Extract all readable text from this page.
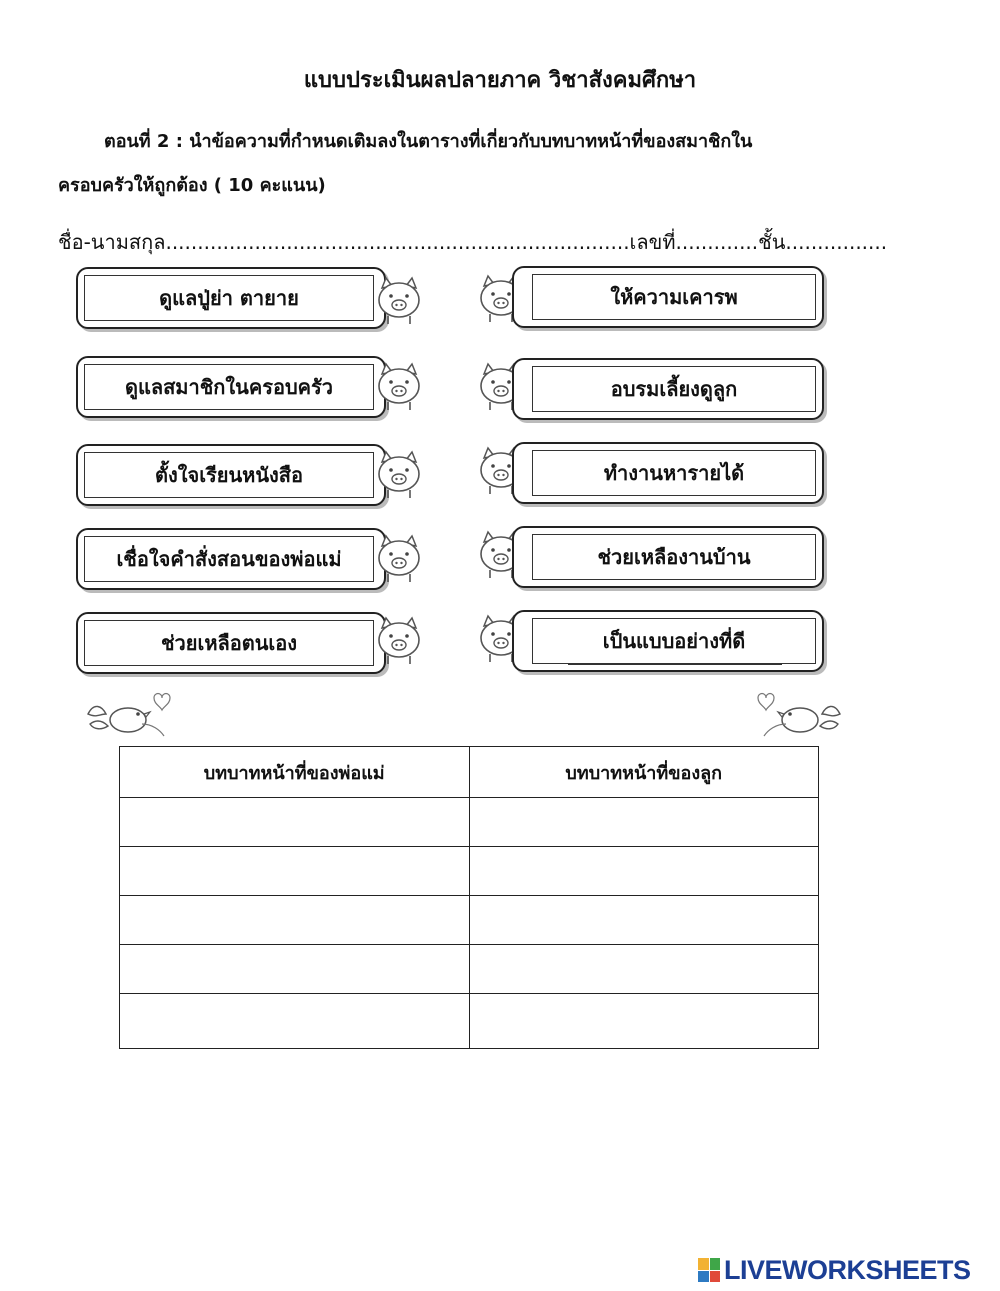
แบบประเมินผลปลายภาค วิชาสังคมศึกษา

ตอนที่ 2 : นำข้อความที่กำหนดเติมลงในตารางที่เกี่ยวกับบทบาทหน้าที่ของสมาชิกใน

ครอบครัวให้ถูกต้อง ( 10 คะแนน)

ชื่อ-นามสกุล.........................................................................เลขที่.............ชั้น................

ดูแลปู่ย่า ตายาย
ดูแลสมาชิกในครอบครัว
ตั้งใจเรียนหนังสือ
เชื่อใจคำสั่งสอนของพ่อแม่
ช่วยเหลือตนเอง
ให้ความเคารพ
อบรมเลี้ยงดูลูก
ทำงานหารายได้
ช่วยเหลืองานบ้าน
เป็นแบบอย่างที่ดี
บทบาทหน้าที่ของพ่อแม่	บทบาทหน้าที่ของลูก

LIVEWORKSHEETS
